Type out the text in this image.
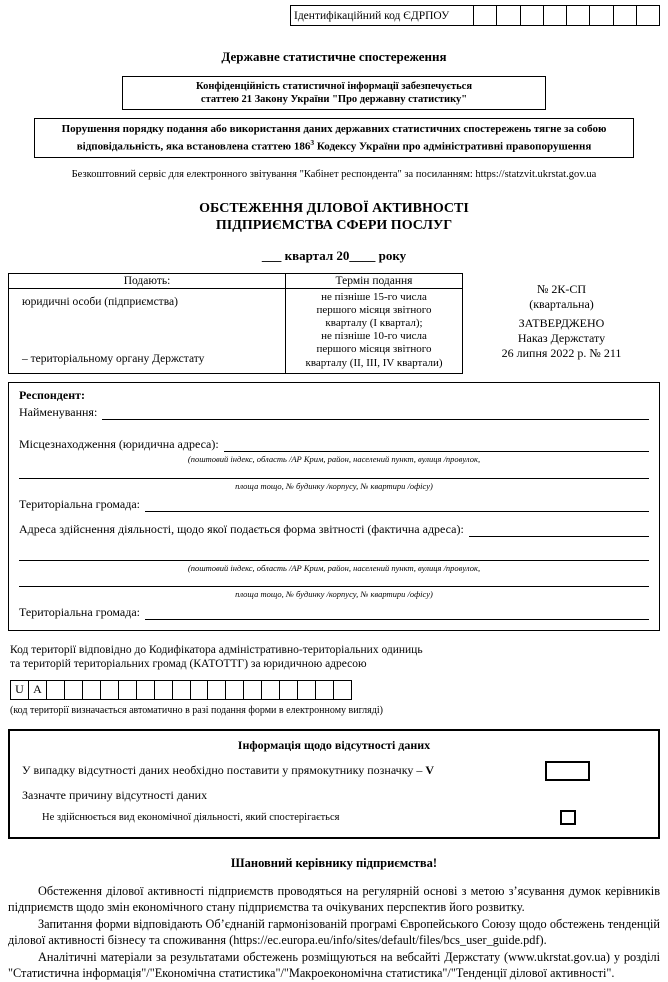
Ідентифікаційний код ЄДРПОУ
Державне статистичне спостереження
Конфіденційність статистичної інформації забезпечується
статтею 21 Закону України "Про державну статистику"
Порушення порядку подання або використання даних державних статистичних спостережень тягне за собою
відповідальність, яка встановлена статтею $186^3$ Кодексу України про адміністративні правопорушення
Безкоштовний сервіс для електронного звітування "Кабінет респондента" за посиланням: https://statzvit.ukrstat.gov.ua
ОБСТЕЖЕННЯ ДІЛОВОЇ АКТИВНОСТІ
ПІДПРИЄМСТВА СФЕРИ ПОСЛУГ
___ квартал 20____ року
Подають:	Термін подання
юридичні особи (підприємства)
– територіальному органу Держстату
не пізніше 15-го числа
першого місяця звітного
кварталу (І квартал);
не пізніше 10-го числа
першого місяця звітного
кварталу (ІІ, ІІІ, ІV квартали)
№ 2К-СП
(квартальна)
ЗАТВЕРДЖЕНО
Наказ Держстату
26 липня 2022 р. № 211
Респондент:
Найменування:
Місцезнаходження (юридична адреса):
(поштовий індекс, область /АР Крим, район, населений пункт, вулиця /провулок,
площа тощо, № будинку /корпусу, № квартири /офісу)
Територіальна громада:
Адреса здійснення діяльності, щодо якої подається форма звітності (фактична адреса):
(поштовий індекс, область /АР Крим, район, населений пункт, вулиця /провулок,
площа тощо, № будинку /корпусу, № квартири /офісу)
Територіальна громада:
Код території відповідно до Кодифікатора адміністративно-територіальних одиниць
та територій територіальних громад (КАТОТТГ) за юридичною адресою
U A
(код території визначається автоматично в разі подання форми в електронному вигляді)
Інформація щодо відсутності даних
У випадку відсутності даних необхідно поставити у прямокутнику позначку – V
Зазначте причину відсутності даних
Не здійснюється вид економічної діяльності, який спостерігається
Шановний керівнику підприємства!

Обстеження ділової активності підприємств проводяться на регулярній основі з метою з’ясування думок керівників підприємств щодо змін економічного стану підприємства та очікуваних перспектив його розвитку.

Запитання форми відповідають Об’єднаній гармонізованій програмі Європейського Союзу щодо обстежень тенденцій ділової активності бізнесу та споживання (https://ec.europa.eu/info/sites/default/files/bcs_user_guide.pdf).

Аналітичні матеріали за результатами обстежень розміщуються на вебсайті Держстату (www.ukrstat.gov.ua) у розділі "Статистична інформація"/"Економічна статистика"/"Макроекономічна статистика"/"Тенденції ділової активності".
